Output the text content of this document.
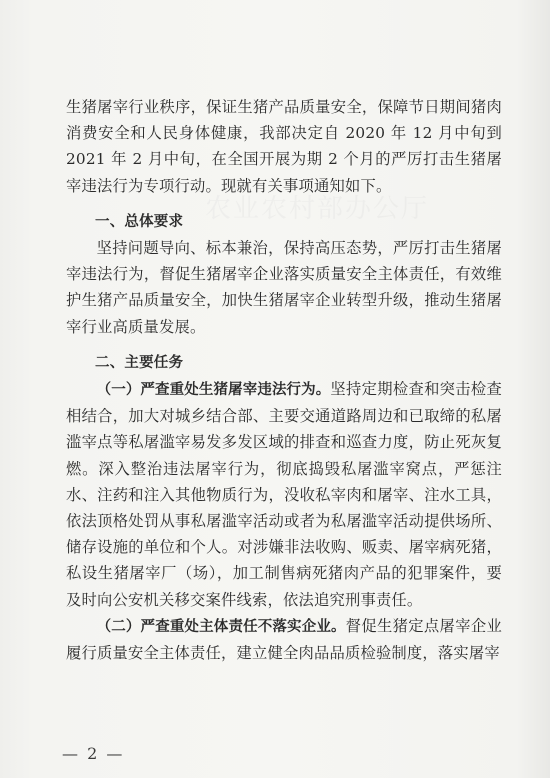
农业农村部办公厅

生猪屠宰行业秩序，保证生猪产品质量安全，保障节日期间猪肉消费安全和人民身体健康，我部决定自 2020 年 12 月中旬到 2021 年 2 月中旬，在全国开展为期 2 个月的严厉打击生猪屠宰违法行为专项行动。现就有关事项通知如下。

一、总体要求

坚持问题导向、标本兼治，保持高压态势，严厉打击生猪屠宰违法行为，督促生猪屠宰企业落实质量安全主体责任，有效维护生猪产品质量安全，加快生猪屠宰企业转型升级，推动生猪屠宰行业高质量发展。

二、主要任务

（一）严查重处生猪屠宰违法行为。坚持定期检查和突击检查相结合，加大对城乡结合部、主要交通道路周边和已取缔的私屠滥宰点等私屠滥宰易发多发区域的排查和巡查力度，防止死灰复燃。深入整治违法屠宰行为，彻底捣毁私屠滥宰窝点，严惩注水、注药和注入其他物质行为，没收私宰肉和屠宰、注水工具，依法顶格处罚从事私屠滥宰活动或者为私屠滥宰活动提供场所、储存设施的单位和个人。对涉嫌非法收购、贩卖、屠宰病死猪，私设生猪屠宰厂（场），加工制售病死猪肉产品的犯罪案件，要及时向公安机关移交案件线索，依法追究刑事责任。

（二）严查重处主体责任不落实企业。督促生猪定点屠宰企业履行质量安全主体责任，建立健全肉品品质检验制度，落实屠宰

— 2 —
